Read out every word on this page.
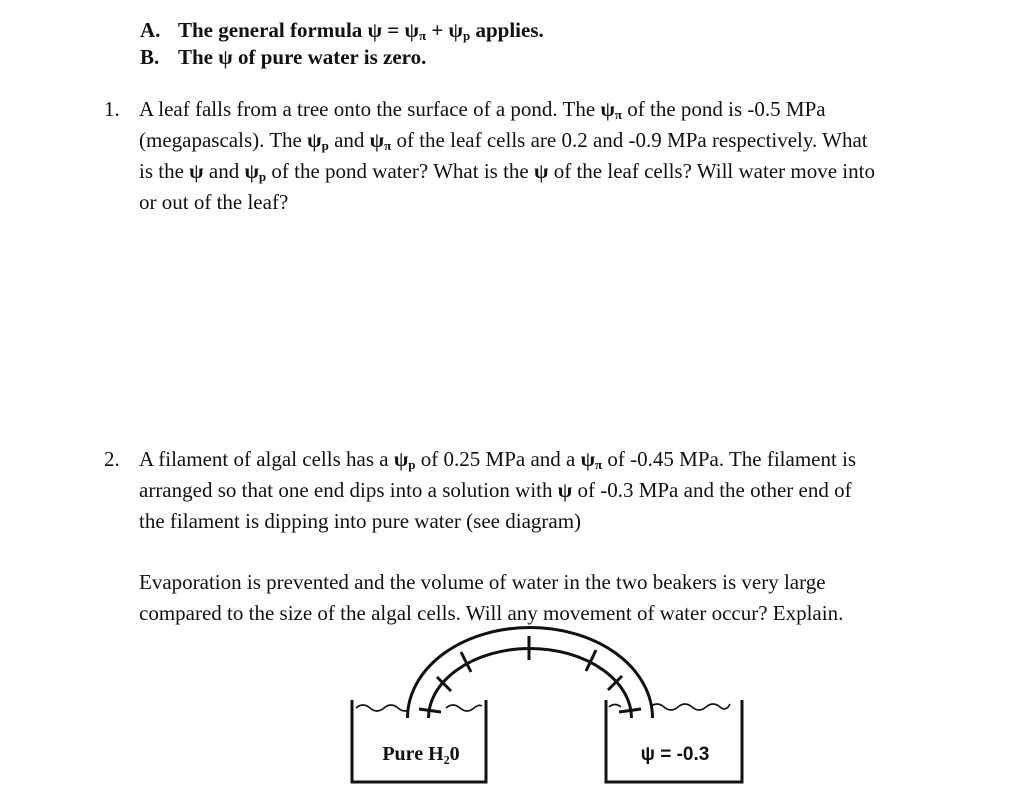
A. The general formula $\psi = \psi_\pi + \psi_p$ applies.
B. The ψ of pure water is zero.
1. A leaf falls from a tree onto the surface of a pond. The $\psi_\pi$ of the pond is -0.5 MPa
(megapascals). The $\psi_p$ and $\psi_\pi$ of the leaf cells are 0.2 and -0.9 MPa respectively. What
is the ψ and $\psi_p$ of the pond water? What is the ψ of the leaf cells? Will water move into
or out of the leaf?
2. A filament of algal cells has a $\psi_p$ of 0.25 MPa and a $\psi_\pi$ of -0.45 MPa. The filament is
arranged so that one end dips into a solution with ψ of -0.3 MPa and the other end of
the filament is dipping into pure water (see diagram)
Evaporation is prevented and the volume of water in the two beakers is very large
compared to the size of the algal cells. Will any movement of water occur? Explain.
Pure H₂0	ψ = -0.3
